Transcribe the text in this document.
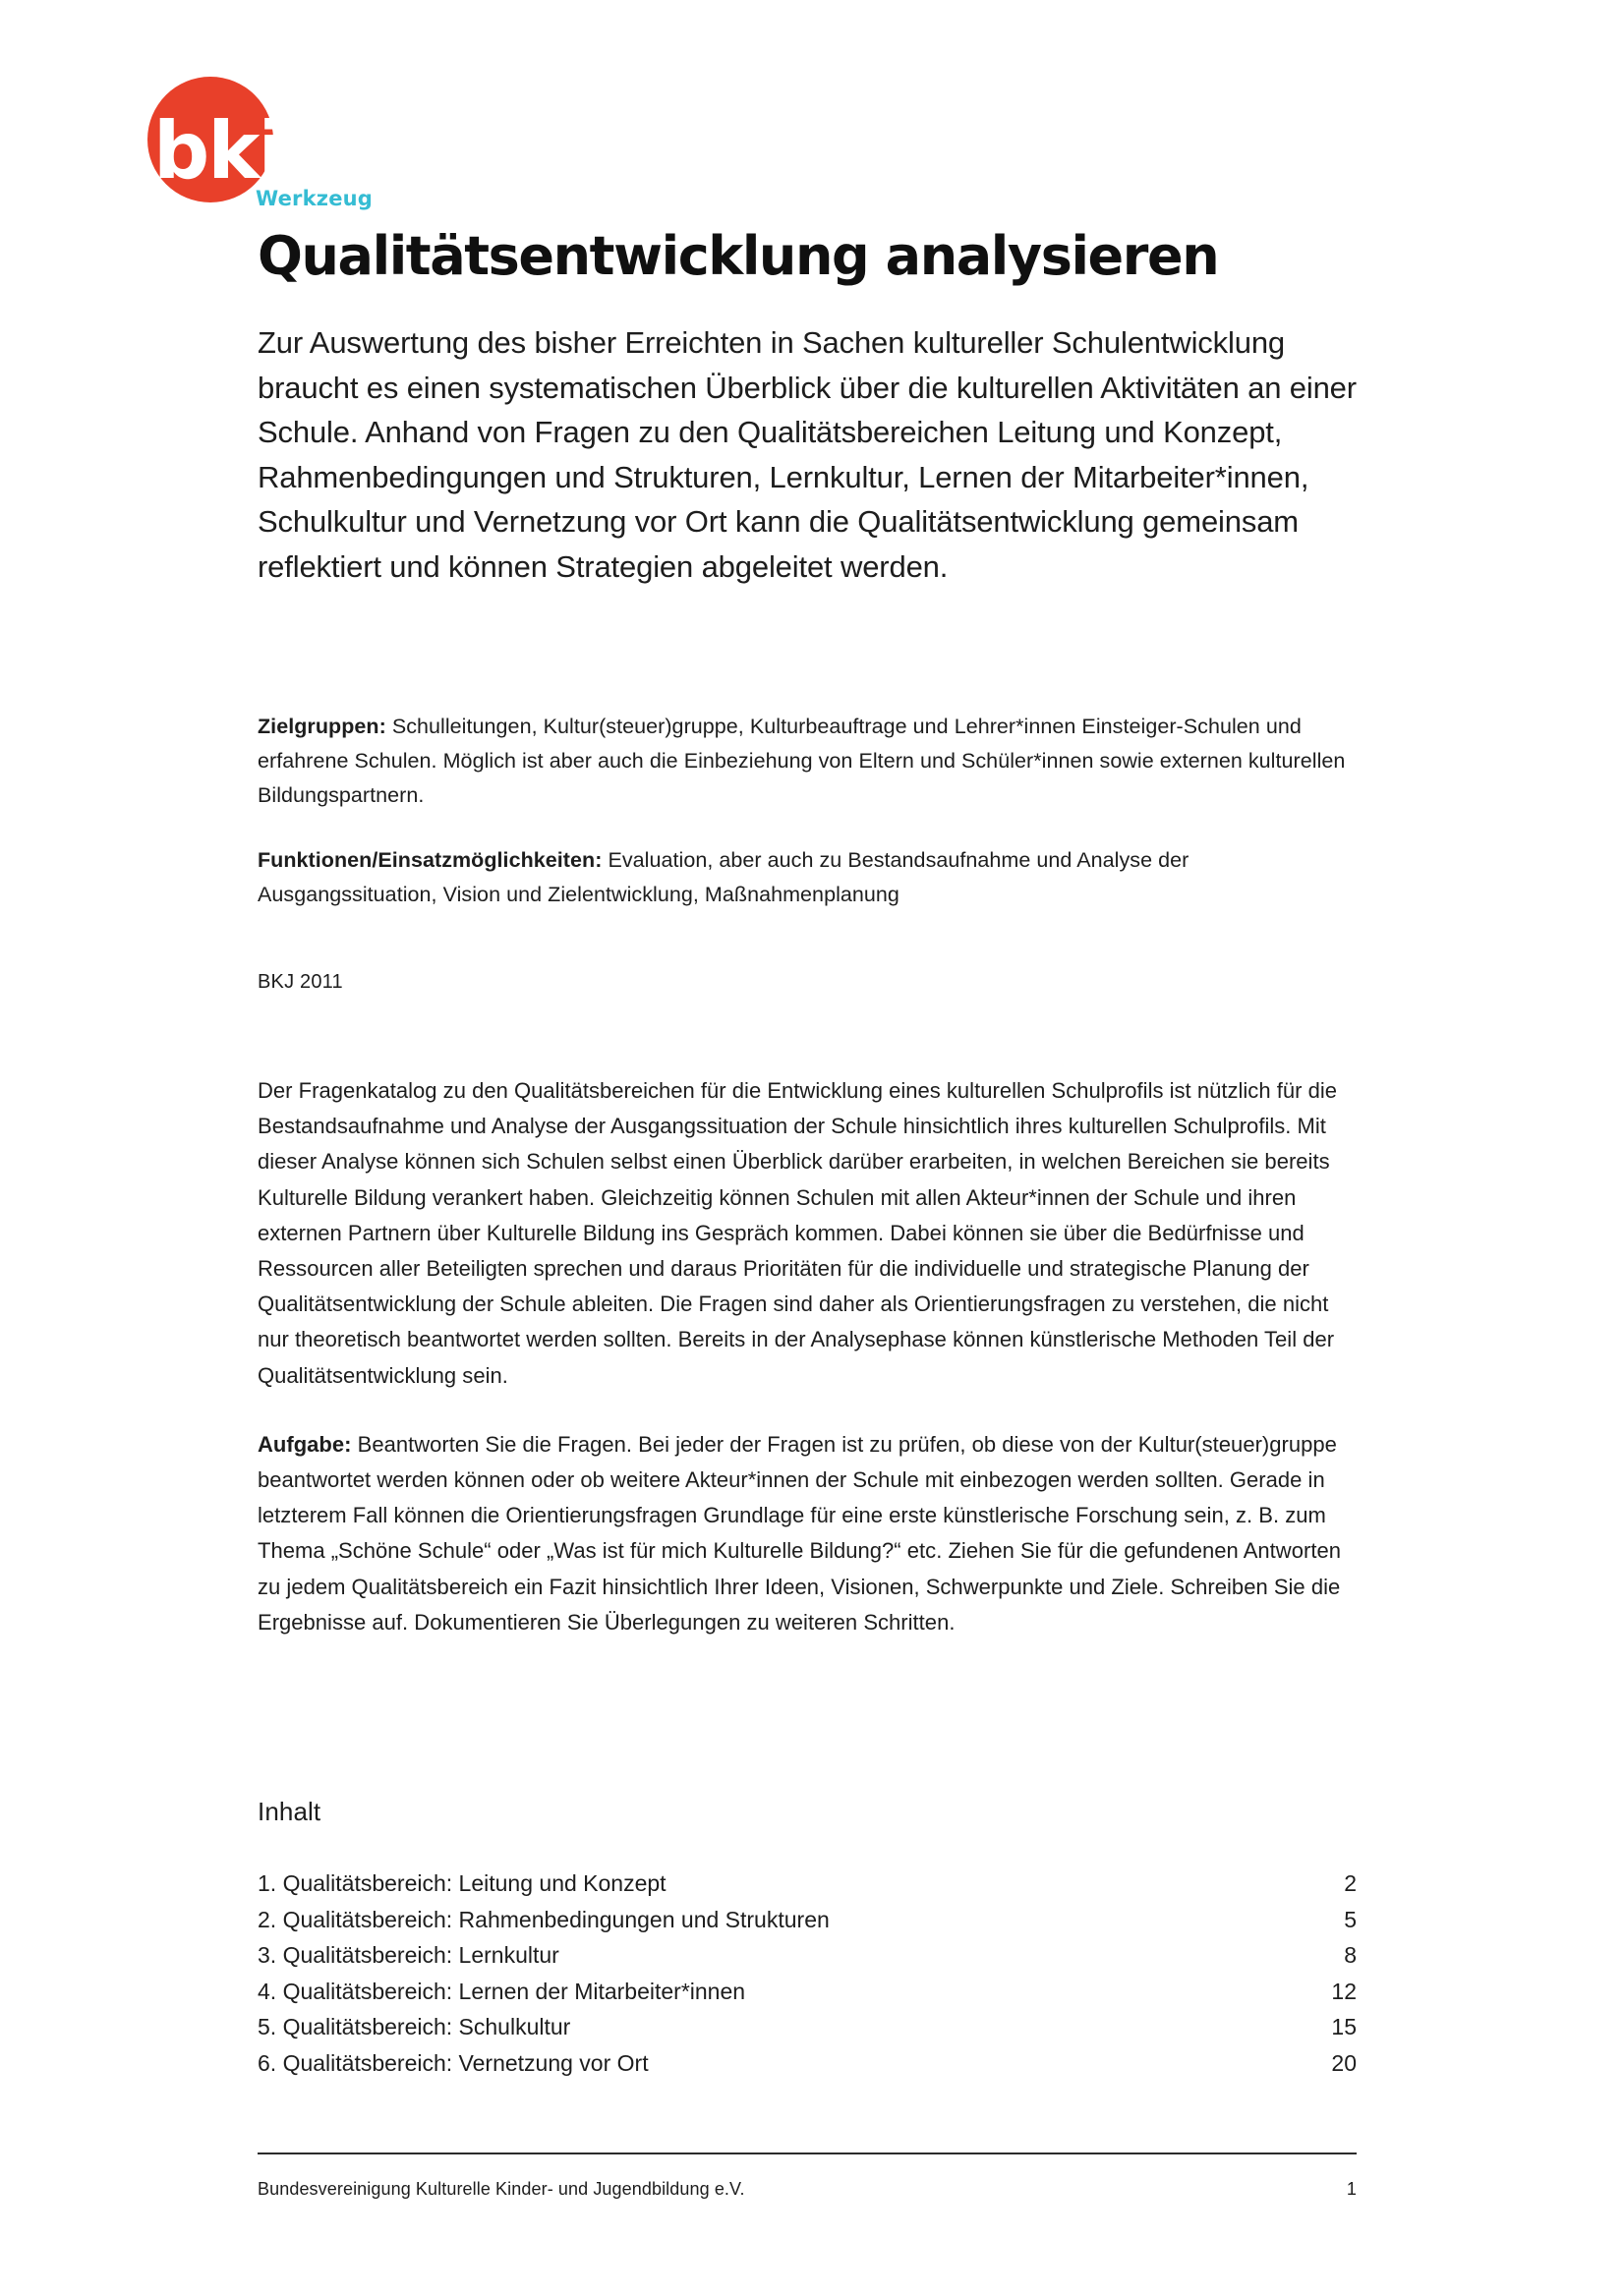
bkj
Werkzeug
Qualitätsentwicklung analysieren

Zur Auswertung des bisher Erreichten in Sachen kultureller Schulentwicklung braucht es einen systematischen Überblick über die kulturellen Aktivitäten an einer Schule. Anhand von Fragen zu den Qualitätsbereichen Leitung und Konzept, Rahmenbedingungen und Strukturen, Lernkultur, Lernen der Mitarbeiter*innen, Schulkultur und Vernetzung vor Ort kann die Qualitätsentwicklung gemeinsam reflektiert und können Strategien abgeleitet werden.

Zielgruppen: Schulleitungen, Kultur(steuer)gruppe, Kulturbeauftrage und Lehrer*innen Einsteiger-Schulen und erfahrene Schulen. Möglich ist aber auch die Einbeziehung von Eltern und Schüler*innen sowie externen kulturellen Bildungspartnern.

Funktionen/Einsatzmöglichkeiten: Evaluation, aber auch zu Bestandsaufnahme und Analyse der Ausgangssituation, Vision und Zielentwicklung, Maßnahmenplanung

BKJ 2011

Der Fragenkatalog zu den Qualitätsbereichen für die Entwicklung eines kulturellen Schulprofils ist nützlich für die Bestandsaufnahme und Analyse der Ausgangssituation der Schule hinsichtlich ihres kulturellen Schulprofils. Mit dieser Analyse können sich Schulen selbst einen Überblick darüber erarbeiten, in welchen Bereichen sie bereits Kulturelle Bildung verankert haben. Gleichzeitig können Schulen mit allen Akteur*innen der Schule und ihren externen Partnern über Kulturelle Bildung ins Gespräch kommen. Dabei können sie über die Bedürfnisse und Ressourcen aller Beteiligten sprechen und daraus Prioritäten für die individuelle und strategische Planung der Qualitätsentwicklung der Schule ableiten. Die Fragen sind daher als Orientierungsfragen zu verstehen, die nicht nur theoretisch beantwortet werden sollten. Bereits in der Analysephase können künstlerische Methoden Teil der Qualitätsentwicklung sein.

Aufgabe: Beantworten Sie die Fragen. Bei jeder der Fragen ist zu prüfen, ob diese von der Kultur(steuer)gruppe beantwortet werden können oder ob weitere Akteur*innen der Schule mit einbezogen werden sollten. Gerade in letzterem Fall können die Orientierungsfragen Grundlage für eine erste künstlerische Forschung sein, z. B. zum Thema „Schöne Schule“ oder „Was ist für mich Kulturelle Bildung?“ etc. Ziehen Sie für die gefundenen Antworten zu jedem Qualitätsbereich ein Fazit hinsichtlich Ihrer Ideen, Visionen, Schwerpunkte und Ziele. Schreiben Sie die Ergebnisse auf. Dokumentieren Sie Überlegungen zu weiteren Schritten.

Inhalt
1. Qualitätsbereich: Leitung und Konzept	2
2. Qualitätsbereich: Rahmenbedingungen und Strukturen	5
3. Qualitätsbereich: Lernkultur	8
4. Qualitätsbereich: Lernen der Mitarbeiter*innen	12
5. Qualitätsbereich: Schulkultur	15
6. Qualitätsbereich: Vernetzung vor Ort	20
Bundesvereinigung Kulturelle Kinder- und Jugendbildung e.V.	1
